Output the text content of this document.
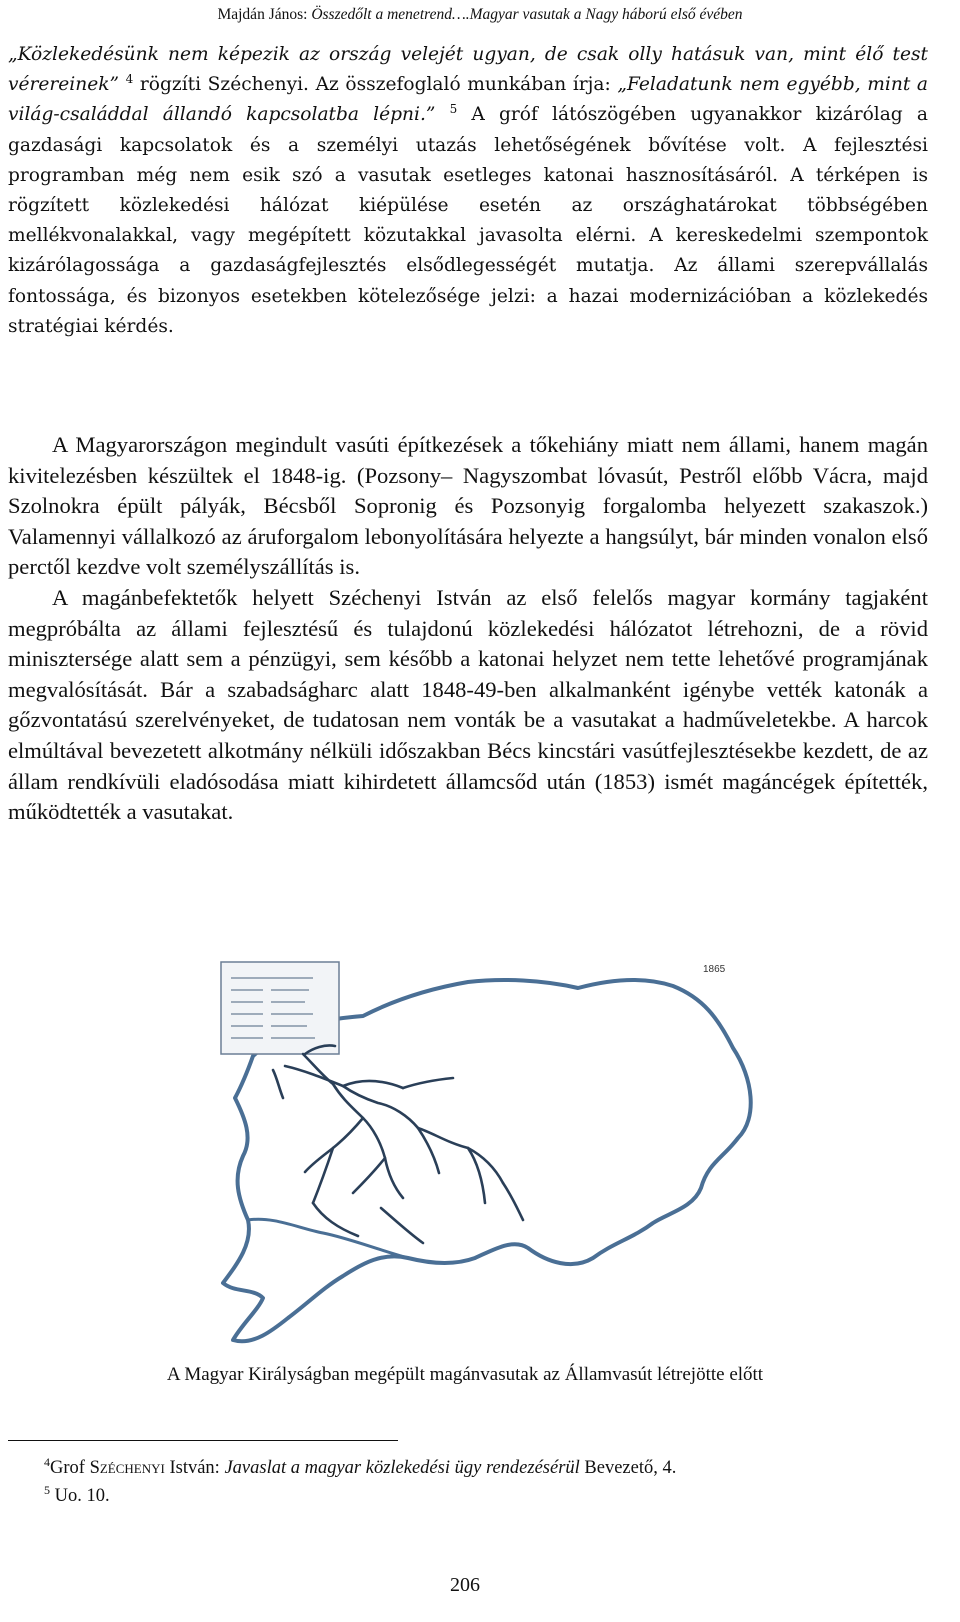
Majdán János: Összedőlt a menetrend….Magyar vasutak a Nagy háború első évében

„Közlekedésünk nem képezik az ország velejét ugyan, de csak olly hatásuk van, mint élő test vérereinek” $^4$ rögzíti Széchenyi. Az összefoglaló munkában írja: „Feladatunk nem egyébb, mint a világ-családdal állandó kapcsolatba lépni.” $^5$ A gróf látószögében ugyanakkor kizárólag a gazdasági kapcsolatok és a személyi utazás lehetőségének bővítése volt. A fejlesztési programban még nem esik szó a vasutak esetleges katonai hasznosításáról. A térképen is rögzített közlekedési hálózat kiépülése esetén az országhatárokat többségében mellékvonalakkal, vagy megépített közutakkal javasolta elérni. A kereskedelmi szempontok kizárólagossága a gazdaságfejlesztés elsődlegességét mutatja. Az állami szerepvállalás fontossága, és bizonyos esetekben kötelezősége jelzi: a hazai modernizációban a közlekedés stratégiai kérdés.

A Magyarországon megindult vasúti építkezések a tőkehiány miatt nem állami, hanem magán kivitelezésben készültek el 1848-ig. (Pozsony– Nagyszombat lóvasút, Pestről előbb Vácra, majd Szolnokra épült pályák, Bécsből Sopronig és Pozsonyig forgalomba helyezett szakaszok.) Valamennyi vállalkozó az áruforgalom lebonyolítására helyezte a hangsúlyt, bár minden vonalon első perctől kezdve volt személyszállítás is.

A magánbefektetők helyett Széchenyi István az első felelős magyar kormány tagjaként megpróbálta az állami fejlesztésű és tulajdonú közlekedési hálózatot létrehozni, de a rövid minisztersége alatt sem a pénzügyi, sem később a katonai helyzet nem tette lehetővé programjának megvalósítását. Bár a szabadságharc alatt 1848-49-ben alkalmanként igénybe vették katonák a gőzvontatású szerelvényeket, de tudatosan nem vonták be a vasutakat a hadműveletekbe. A harcok elmúltával bevezetett alkotmány nélküli időszakban Bécs kincstári vasútfejlesztésekbe kezdett, de az állam rendkívüli eladósodása miatt kihirdetett államcsőd után (1853) ismét magáncégek építették, működtették a vasutakat.

1865
A Magyar Királyságban megépült magánvasutak az Államvasút létrejötte előtt
$^4$Grof Széchenyi István: Javaslat a magyar közlekedési ügy rendezésérül Bevezető, 4.
$^5$ Uo. 10.
206
